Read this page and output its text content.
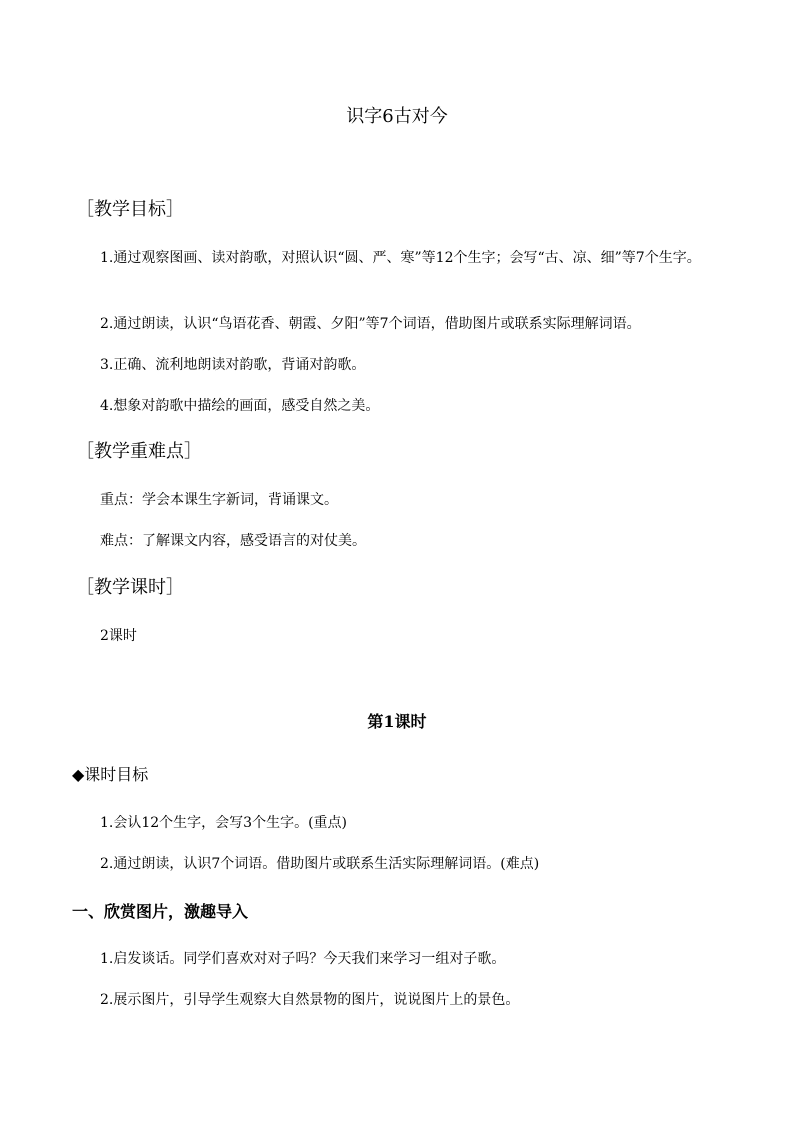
识字6古对今
［教学目标］
1.通过观察图画、读对韵歌，对照认识“圆、严、寒”等12个生字；会写“古、凉、细”等7个生字。
2.通过朗读，认识“鸟语花香、朝霞、夕阳”等7个词语，借助图片或联系实际理解词语。
3.正确、流利地朗读对韵歌，背诵对韵歌。
4.想象对韵歌中描绘的画面，感受自然之美。
［教学重难点］
重点：学会本课生字新词，背诵课文。
难点：了解课文内容，感受语言的对仗美。
［教学课时］
2课时
第1课时
◆课时目标
1.会认12个生字，会写3个生字。(重点)
2.通过朗读，认识7个词语。借助图片或联系生活实际理解词语。(难点)
一、欣赏图片，激趣导入
1.启发谈话。同学们喜欢对对子吗？今天我们来学习一组对子歌。
2.展示图片，引导学生观察大自然景物的图片，说说图片上的景色。
